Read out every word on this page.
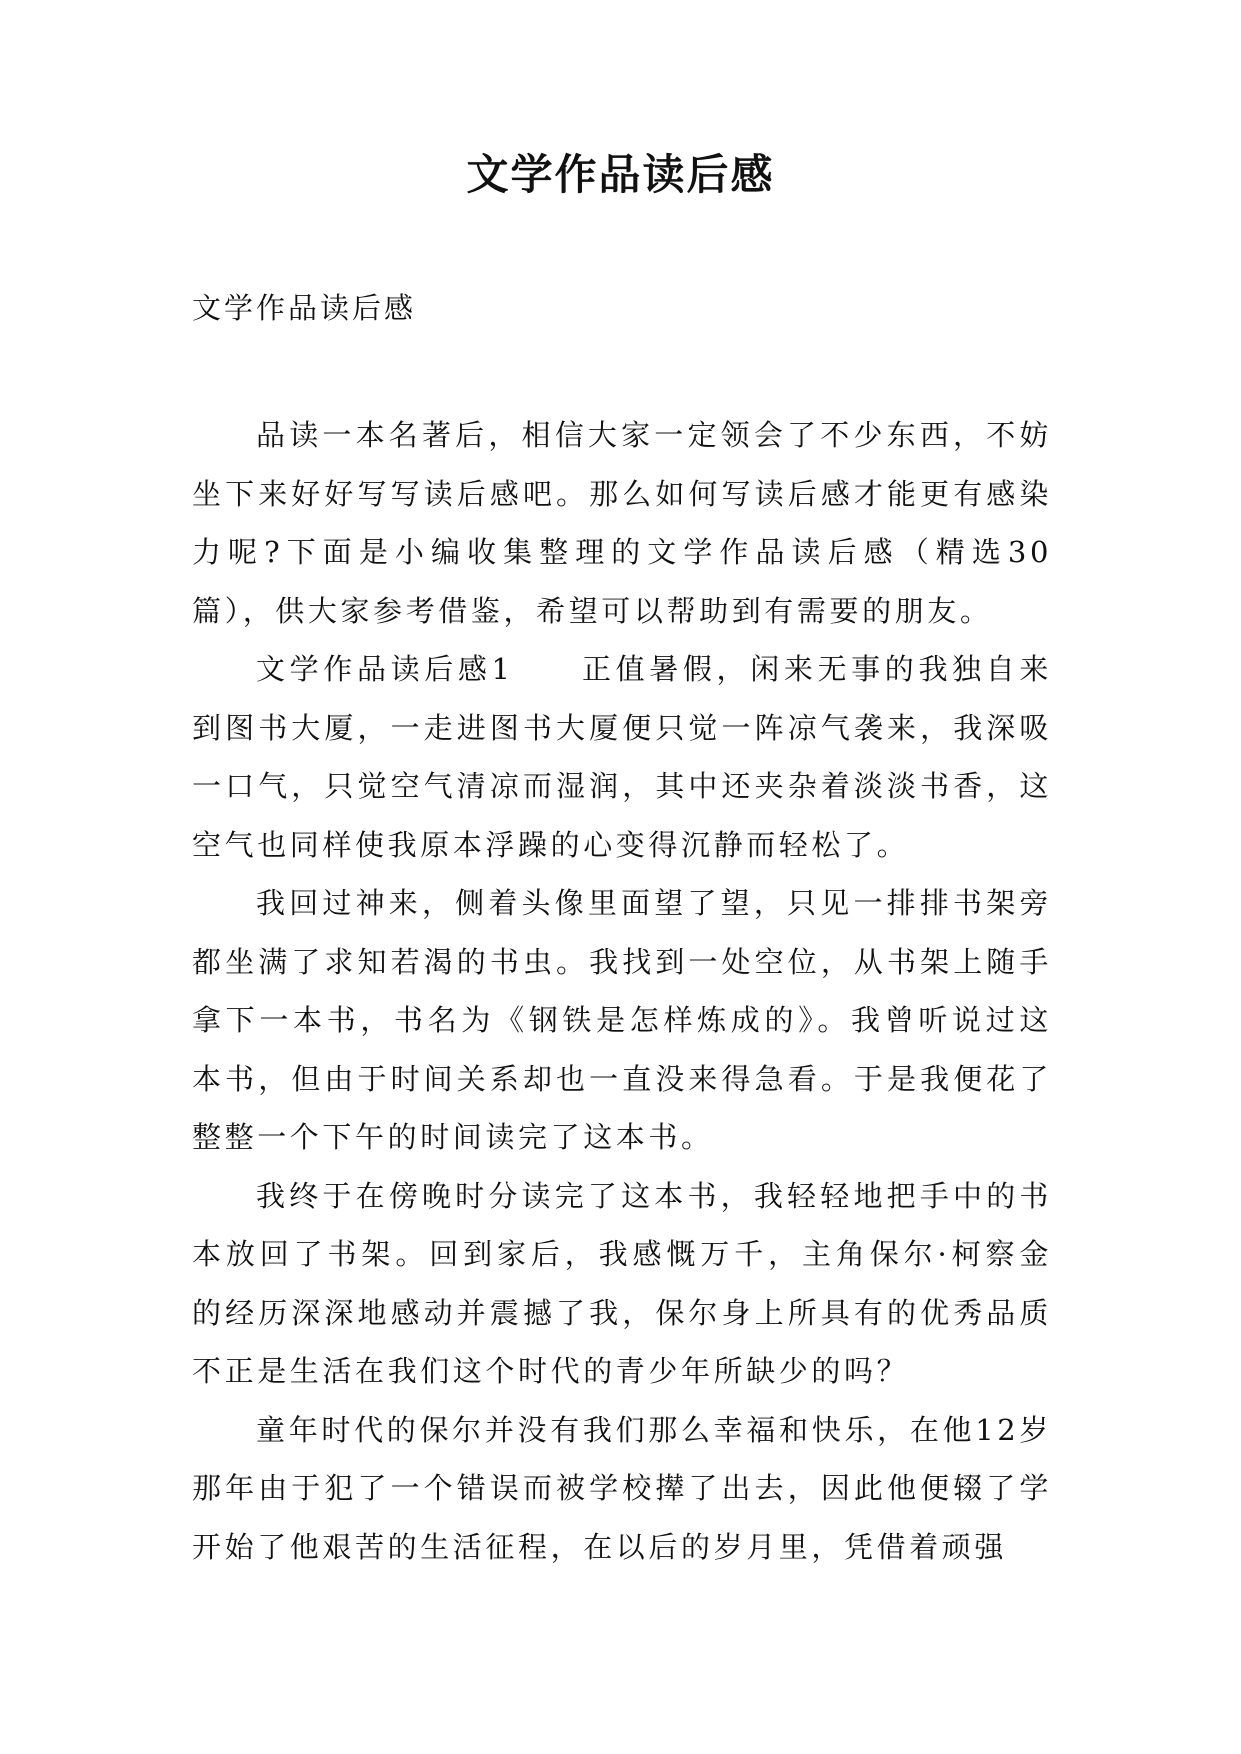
文学作品读后感
文学作品读后感

品读一本名著后，相信大家一定领会了不少东西，不妨坐下来好好写写读后感吧。那么如何写读后感才能更有感染力呢?下面是小编收集整理的文学作品读后感（精选30篇），供大家参考借鉴，希望可以帮助到有需要的朋友。

文学作品读后感1　　正值暑假，闲来无事的我独自来到图书大厦，一走进图书大厦便只觉一阵凉气袭来，我深吸一口气，只觉空气清凉而湿润，其中还夹杂着淡淡书香，这空气也同样使我原本浮躁的心变得沉静而轻松了。

我回过神来，侧着头像里面望了望，只见一排排书架旁都坐满了求知若渴的书虫。我找到一处空位，从书架上随手拿下一本书，书名为《钢铁是怎样炼成的》。我曾听说过这本书，但由于时间关系却也一直没来得急看。于是我便花了整整一个下午的时间读完了这本书。

我终于在傍晚时分读完了这本书，我轻轻地把手中的书本放回了书架。回到家后，我感慨万千，主角保尔·柯察金的经历深深地感动并震撼了我，保尔身上所具有的优秀品质不正是生活在我们这个时代的青少年所缺少的吗？

童年时代的保尔并没有我们那么幸福和快乐，在他12岁那年由于犯了一个错误而被学校撵了出去，因此他便辍了学开始了他艰苦的生活征程，在以后的岁月里，凭借着顽强
